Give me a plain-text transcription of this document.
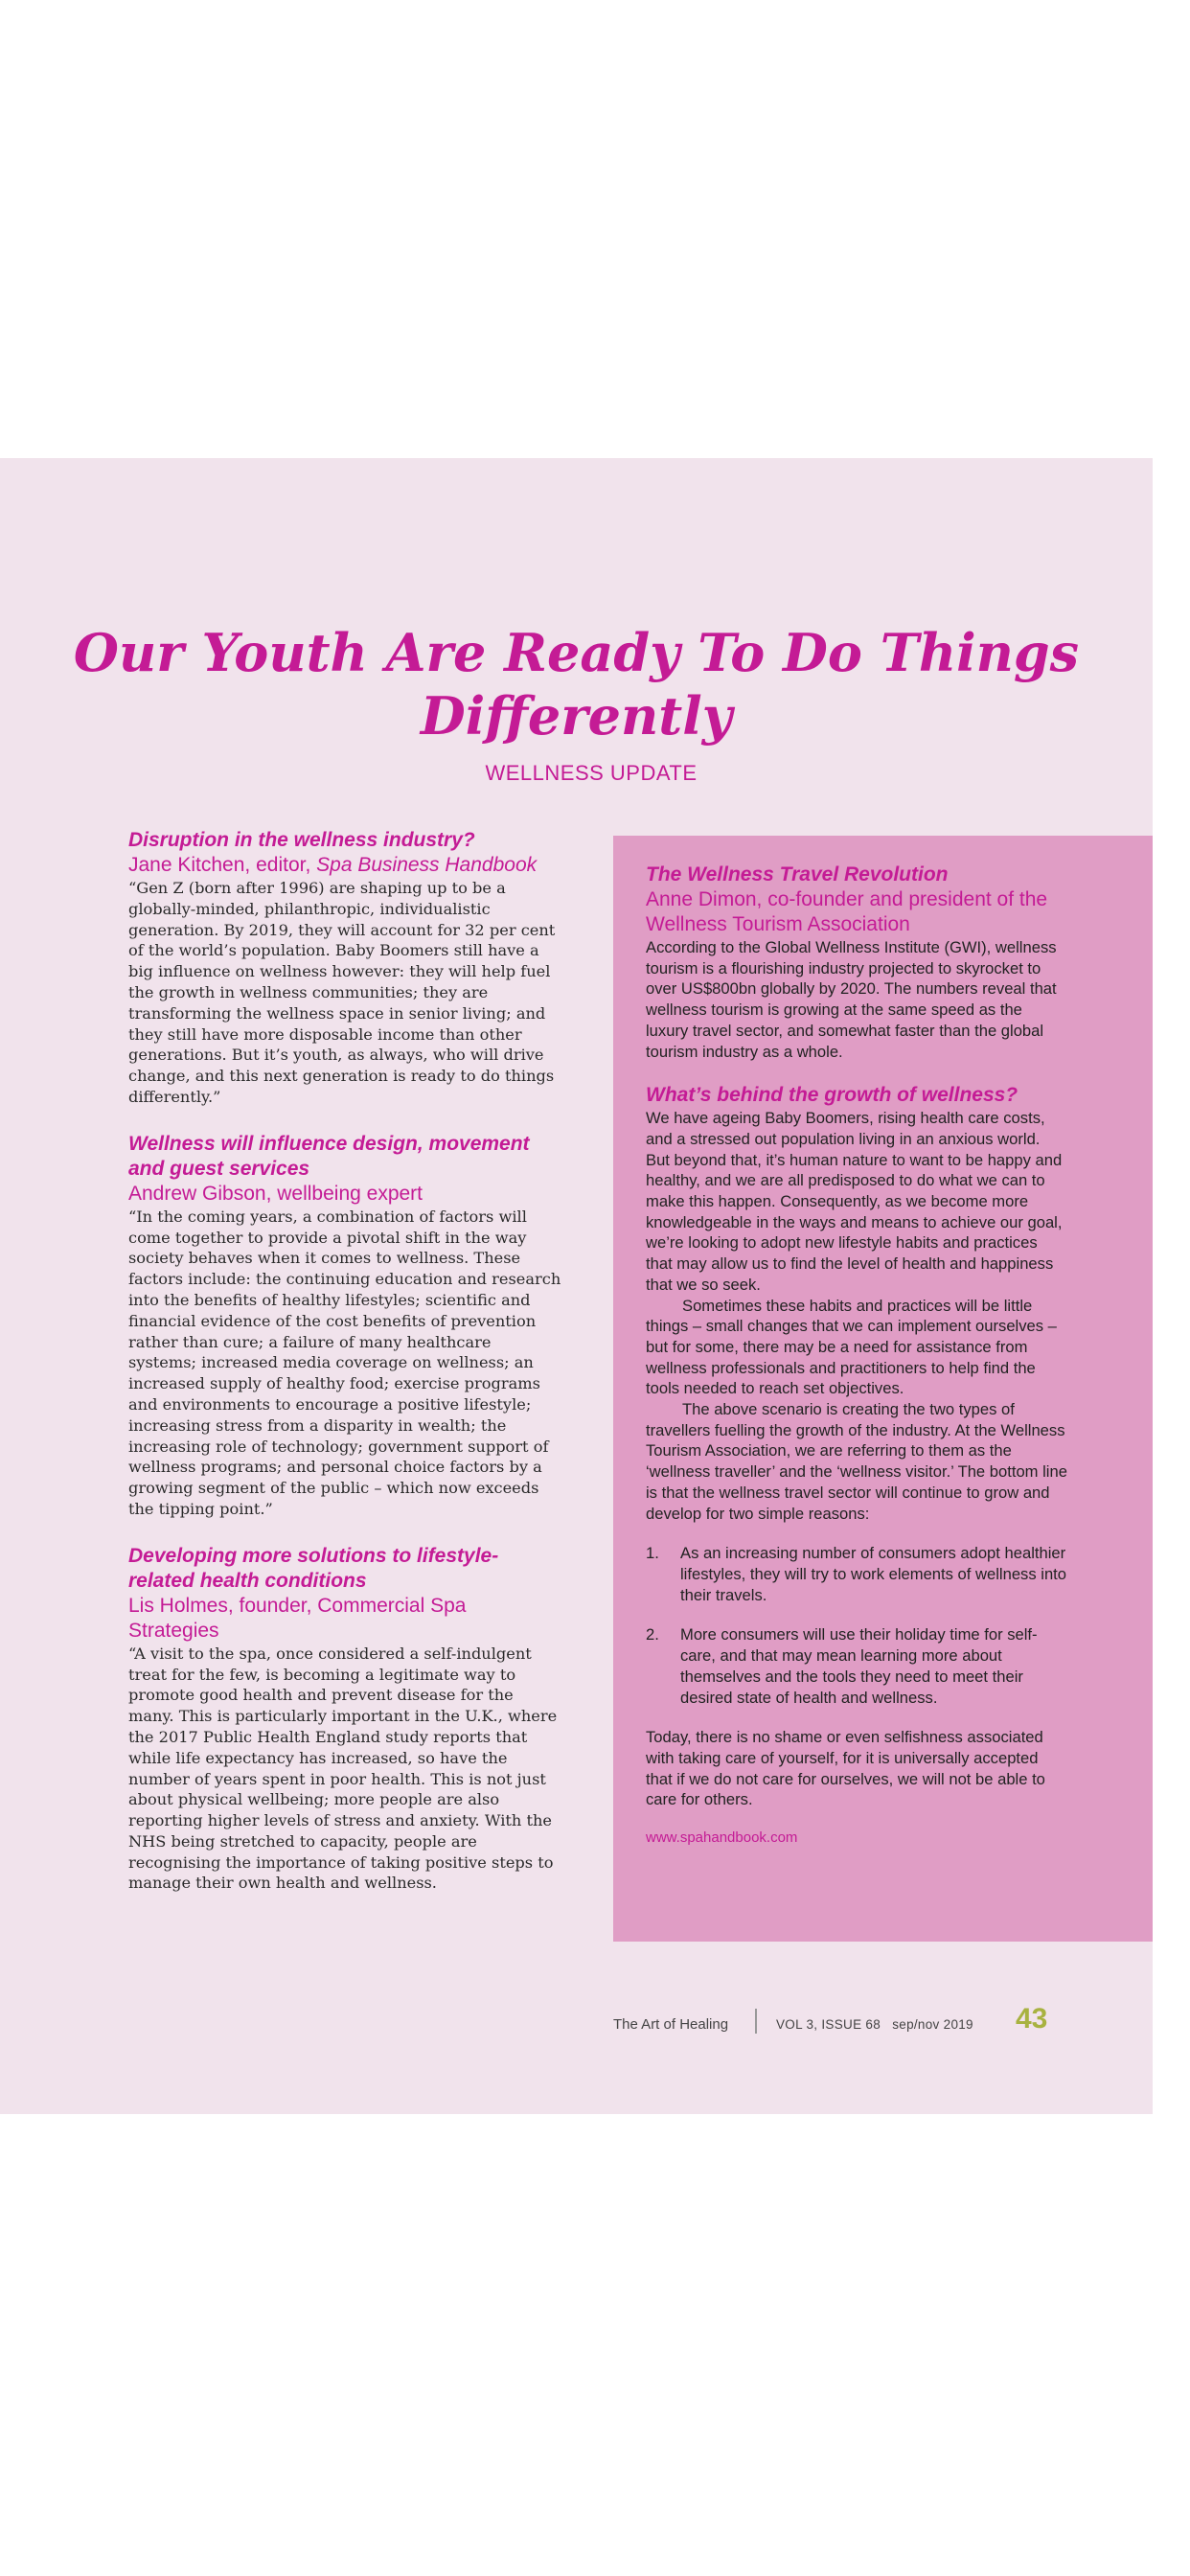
Our Youth Are Ready To Do Things Differently
WELLNESS UPDATE

Disruption in the wellness industry?

Jane Kitchen, editor, Spa Business Handbook

“Gen Z (born after 1996) are shaping up to be a globally-minded, philanthropic, individualistic generation. By 2019, they will account for 32 per cent of the world’s population. Baby Boomers still have a big influence on wellness however: they will help fuel the growth in wellness communities; they are transforming the wellness space in senior living; and they still have more disposable income than other generations. But it’s youth, as always, who will drive change, and this next generation is ready to do things differently.”

Wellness will influence design, movement and guest services

Andrew Gibson, wellbeing expert

“In the coming years, a combination of factors will come together to provide a pivotal shift in the way society behaves when it comes to wellness. These factors include: the continuing education and research into the benefits of healthy lifestyles; scientific and financial evidence of the cost benefits of prevention rather than cure; a failure of many healthcare systems; increased media coverage on wellness; an increased supply of healthy food; exercise programs and environments to encourage a positive lifestyle; increasing stress from a disparity in wealth; the increasing role of technology; government support of wellness programs; and personal choice factors by a growing segment of the public – which now exceeds the tipping point.”

Developing more solutions to lifestyle-related health conditions

Lis Holmes, founder, Commercial Spa Strategies

“A visit to the spa, once considered a self-indulgent treat for the few, is becoming a legitimate way to promote good health and prevent disease for the many. This is particularly important in the U.K., where the 2017 Public Health England study reports that while life expectancy has increased, so have the number of years spent in poor health. This is not just about physical wellbeing; more people are also reporting higher levels of stress and anxiety. With the NHS being stretched to capacity, people are recognising the importance of taking positive steps to manage their own health and wellness.

The Wellness Travel Revolution

Anne Dimon, co-founder and president of the Wellness Tourism Association

According to the Global Wellness Institute (GWI), wellness tourism is a flourishing industry projected to skyrocket to over US$800bn globally by 2020. The numbers reveal that wellness tourism is growing at the same speed as the luxury travel sector, and somewhat faster than the global tourism industry as a whole.

What’s behind the growth of wellness?

We have ageing Baby Boomers, rising health care costs, and a stressed out population living in an anxious world. But beyond that, it’s human nature to want to be happy and healthy, and we are all predisposed to do what we can to make this happen. Consequently, as we become more knowledgeable in the ways and means to achieve our goal, we’re looking to adopt new lifestyle habits and practices that may allow us to find the level of health and happiness that we so seek.

Sometimes these habits and practices will be little things – small changes that we can implement ourselves – but for some, there may be a need for assistance from wellness professionals and practitioners to help find the tools needed to reach set objectives.

The above scenario is creating the two types of travellers fuelling the growth of the industry. At the Wellness Tourism Association, we are referring to them as the ‘wellness traveller’ and the ‘wellness visitor.’ The bottom line is that the wellness travel sector will continue to grow and develop for two simple reasons:

1. As an increasing number of consumers adopt healthier lifestyles, they will try to work elements of wellness into their travels.
2. More consumers will use their holiday time for self-care, and that may mean learning more about themselves and the tools they need to meet their desired state of health and wellness.

Today, there is no shame or even selfishness associated with taking care of yourself, for it is universally accepted that if we do not care for ourselves, we will not be able to care for others.

www.spahandbook.com

The Art of Healing	VOL 3, ISSUE 68   sep/nov 2019 43
